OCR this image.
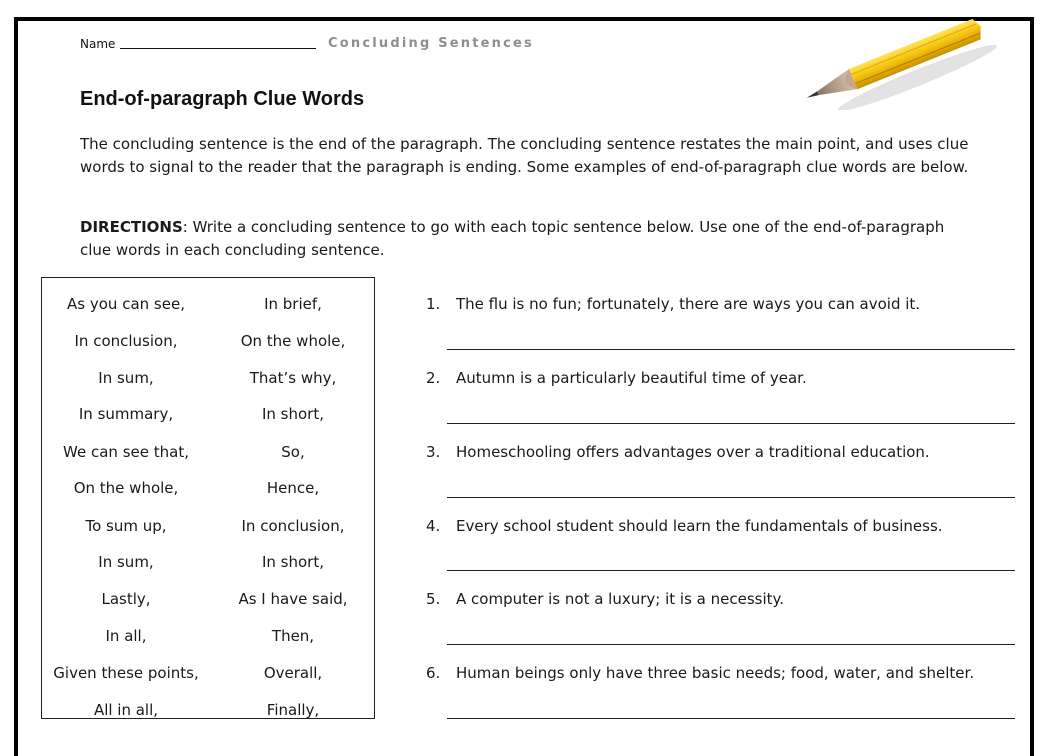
Name	Concluding Sentences
End-of-paragraph Clue Words

The concluding sentence is the end of the paragraph. The concluding sentence restates the main point, and uses clue words to signal to the reader that the paragraph is ending. Some examples of end-of-paragraph clue words are below.

DIRECTIONS: Write a concluding sentence to go with each topic sentence below. Use one of the end-of-paragraph clue words in each concluding sentence.

As you can see,	In brief,
In conclusion,	On the whole,
In sum,	That’s why,
In summary,	In short,
We can see that,	So,
On the whole,	Hence,
To sum up,	In conclusion,
In sum,	In short,
Lastly,	As I have said,
In all,	Then,
Given these points,	Overall,
All in all,	Finally,
1. The flu is no fun; fortunately, there are ways you can avoid it.
2. Autumn is a particularly beautiful time of year.
3. Homeschooling offers advantages over a traditional education.
4. Every school student should learn the fundamentals of business.
5. A computer is not a luxury; it is a necessity.
6. Human beings only have three basic needs; food, water, and shelter.
